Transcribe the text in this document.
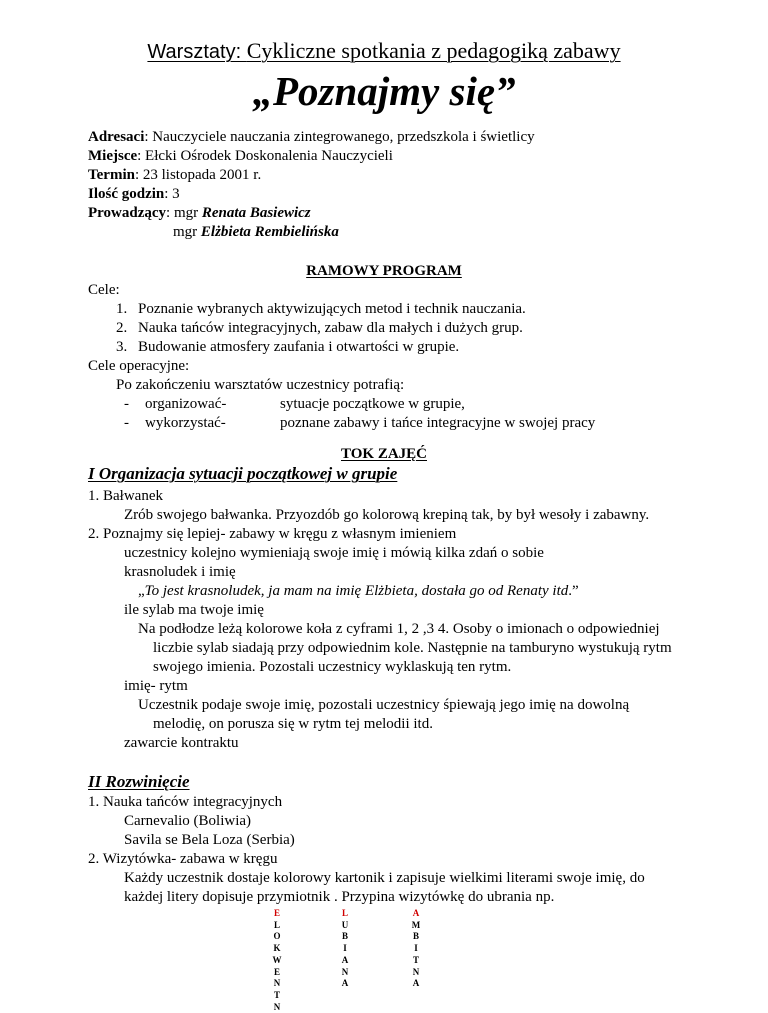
Warsztaty: Cykliczne spotkania z pedagogiką zabawy
„Poznajmy się”
Adresaci: Nauczyciele nauczania zintegrowanego, przedszkola i świetlicy
Miejsce: Ełcki Ośrodek Doskonalenia Nauczycieli
Termin: 23 listopada 2001 r.
Ilość godzin: 3
Prowadzący: mgr Renata Basiewicz
mgr Elżbieta Rembielińska
RAMOWY PROGRAM
Cele:
1. Poznanie wybranych aktywizujących metod i technik nauczania.
2. Nauka tańców integracyjnych, zabaw dla małych i dużych grup.
3. Budowanie atmosfery zaufania i otwartości w grupie.
Cele operacyjne:
Po zakończeniu warsztatów uczestnicy potrafią:
- organizować-	sytuacje początkowe w grupie,
- wykorzystać-	poznane zabawy i tańce integracyjne w swojej pracy
TOK ZAJĘĆ
I Organizacja sytuacji początkowej w grupie
1. Bałwanek
Zrób swojego bałwanka. Przyozdób go kolorową krepiną tak, by był wesoły i zabawny.
2. Poznajmy się lepiej- zabawy w kręgu z własnym imieniem
uczestnicy kolejno wymieniają swoje imię i mówią kilka zdań o sobie
krasnoludek i imię
„To jest krasnoludek, ja mam na imię Elżbieta, dostała go od Renaty itd.”
ile sylab ma twoje imię
Na podłodze leżą kolorowe koła z cyframi 1, 2 ,3 4. Osoby o imionach o odpowiedniej
liczbie sylab siadają przy odpowiednim kole. Następnie na tamburyno wystukują rytm
swojego imienia. Pozostali uczestnicy wyklaskują ten rytm.
imię- rytm
Uczestnik podaje swoje imię, pozostali uczestnicy śpiewają jego imię na dowolną
melodię, on porusza się w rytm tej melodii itd.
zawarcie kontraktu
II Rozwinięcie
1. Nauka tańców integracyjnych
Carnevalio (Boliwia)
Savila se Bela Loza (Serbia)
2. Wizytówka- zabawa w kręgu
Każdy uczestnik dostaje kolorowy kartonik i zapisuje wielkimi literami swoje imię, do
każdej litery dopisuje przymiotnik . Przypina wizytówkę do ubrania np.
E
L
O
K
W
E
N
T
N
L
U
B
I
A
N
A
A
M
B
I
T
N
A
